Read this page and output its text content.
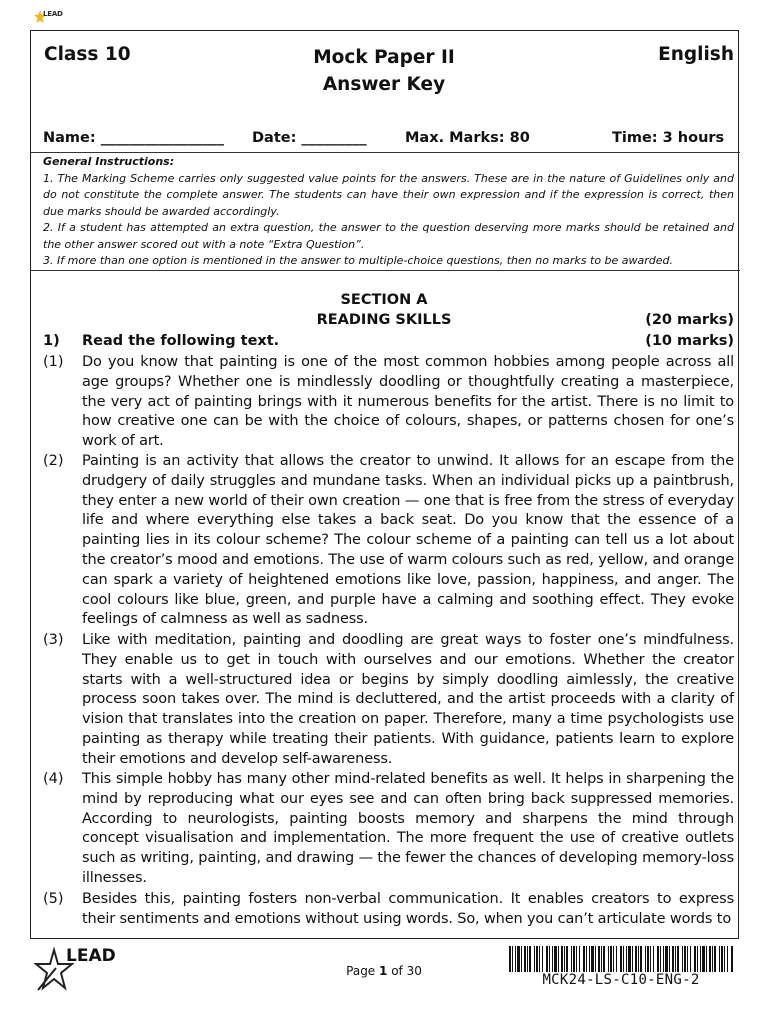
LEAD
Class 10	Mock Paper II
Answer Key
English
Name: _________________ Date: _________	Max. Marks: 80	Time: 3 hours
General Instructions:
1. The Marking Scheme carries only suggested value points for the answers. These are in the nature of Guidelines only and do not constitute the complete answer. The students can have their own expression and if the expression is correct, then due marks should be awarded accordingly.
2. If a student has attempted an extra question, the answer to the question deserving more marks should be retained and the other answer scored out with a note “Extra Question”.
3. If more than one option is mentioned in the answer to multiple-choice questions, then no marks to be awarded.
SECTION A
READING SKILLS	(20 marks)
1) Read the following text.	(10 marks)
(1) Do you know that painting is one of the most common hobbies among people across all age groups? Whether one is mindlessly doodling or thoughtfully creating a masterpiece, the very act of painting brings with it numerous benefits for the artist. There is no limit to how creative one can be with the choice of colours, shapes, or patterns chosen for one’s work of art.
(2) Painting is an activity that allows the creator to unwind. It allows for an escape from the drudgery of daily struggles and mundane tasks. When an individual picks up a paintbrush, they enter a new world of their own creation — one that is free from the stress of everyday life and where everything else takes a back seat. Do you know that the essence of a painting lies in its colour scheme? The colour scheme of a painting can tell us a lot about the creator’s mood and emotions. The use of warm colours such as red, yellow, and orange can spark a variety of heightened emotions like love, passion, happiness, and anger. The cool colours like blue, green, and purple have a calming and soothing effect. They evoke feelings of calmness as well as sadness.
(3) Like with meditation, painting and doodling are great ways to foster one’s mindfulness. They enable us to get in touch with ourselves and our emotions. Whether the creator starts with a well-structured idea or begins by simply doodling aimlessly, the creative process soon takes over. The mind is decluttered, and the artist proceeds with a clarity of vision that translates into the creation on paper. Therefore, many a time psychologists use painting as therapy while treating their patients. With guidance, patients learn to explore their emotions and develop self-awareness.
(4) This simple hobby has many other mind-related benefits as well. It helps in sharpening the mind by reproducing what our eyes see and can often bring back suppressed memories. According to neurologists, painting boosts memory and sharpens the mind through concept visualisation and implementation. The more frequent the use of creative outlets such as writing, painting, and drawing — the fewer the chances of developing memory-loss illnesses.
(5) Besides this, painting fosters non-verbal communication. It enables creators to express their sentiments and emotions without using words. So, when you can’t articulate words to
LEAD
Page 1 of 30
MCK24-LS-C10-ENG-2
